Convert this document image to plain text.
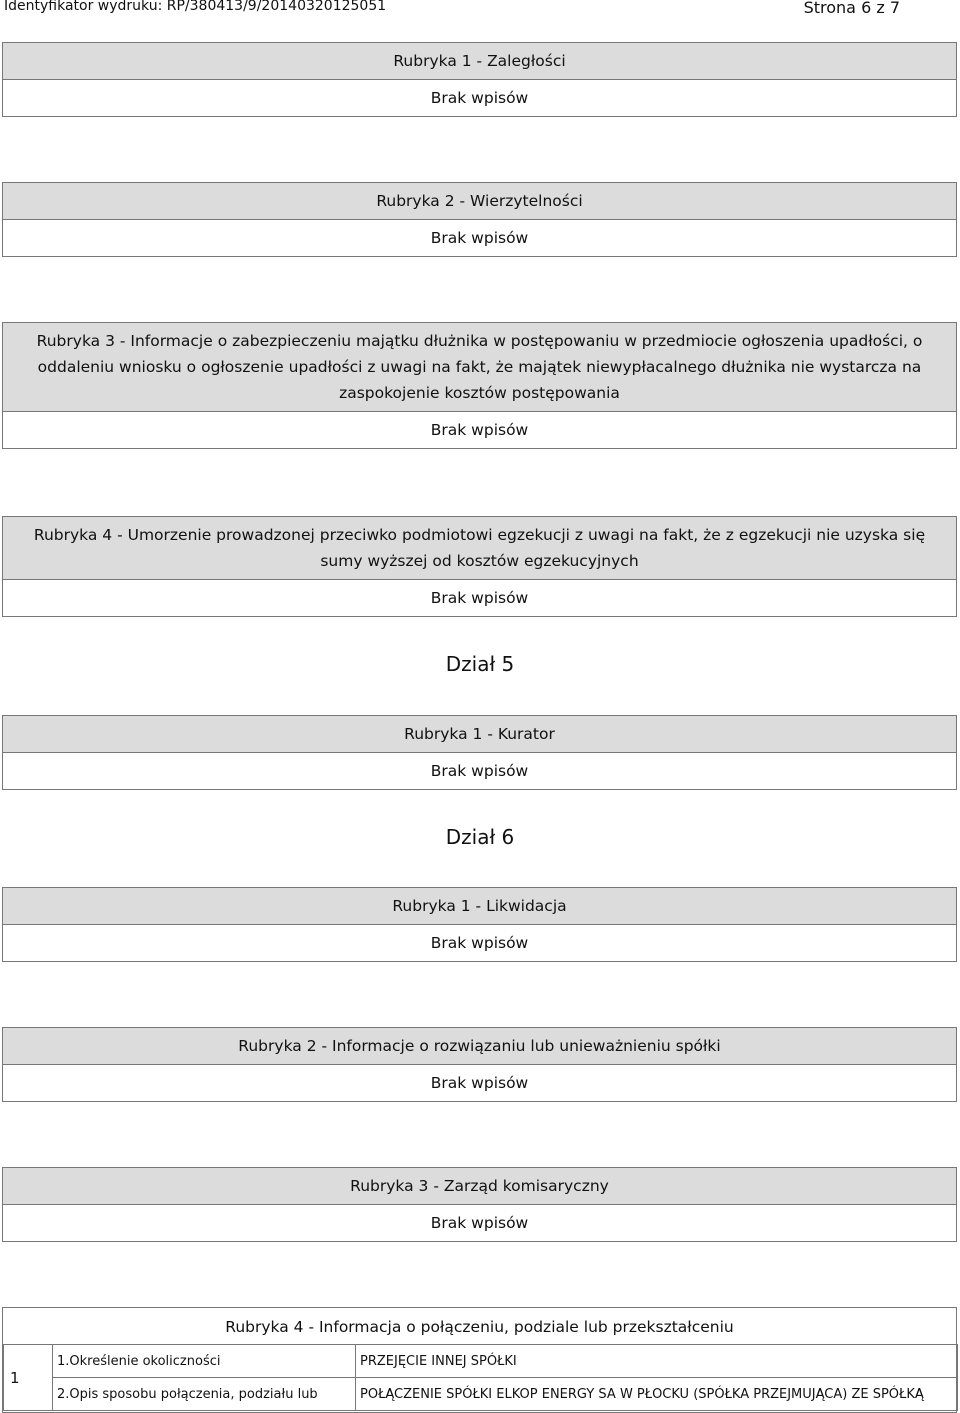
Identyfikator wydruku: RP/380413/9/20140320125051	Strona 6 z 7
Rubryka 1 - Zaległości
Brak wpisów
Rubryka 2 - Wierzytelności
Brak wpisów
Rubryka 3 - Informacje o zabezpieczeniu majątku dłużnika w postępowaniu w przedmiocie ogłoszenia upadłości, o oddaleniu wniosku o ogłoszenie upadłości z uwagi na fakt, że majątek niewypłacalnego dłużnika nie wystarcza na zaspokojenie kosztów postępowania
Brak wpisów
Rubryka 4 - Umorzenie prowadzonej przeciwko podmiotowi egzekucji z uwagi na fakt, że z egzekucji nie uzyska się sumy wyższej od kosztów egzekucyjnych
Brak wpisów
Dział 5
Rubryka 1 - Kurator
Brak wpisów
Dział 6
Rubryka 1 - Likwidacja
Brak wpisów
Rubryka 2 - Informacje o rozwiązaniu lub unieważnieniu spółki
Brak wpisów
Rubryka 3 - Zarząd komisaryczny
Brak wpisów
Rubryka 4 - Informacja o połączeniu, podziale lub przekształceniu
1	1.Określenie okoliczności	PRZEJĘCIE INNEJ SPÓŁKI
	2.Opis sposobu połączenia, podziału lub	POŁĄCZENIE SPÓŁKI ELKOP ENERGY SA W PŁOCKU (SPÓŁKA PRZEJMUJĄCA) ZE SPÓŁKĄ
